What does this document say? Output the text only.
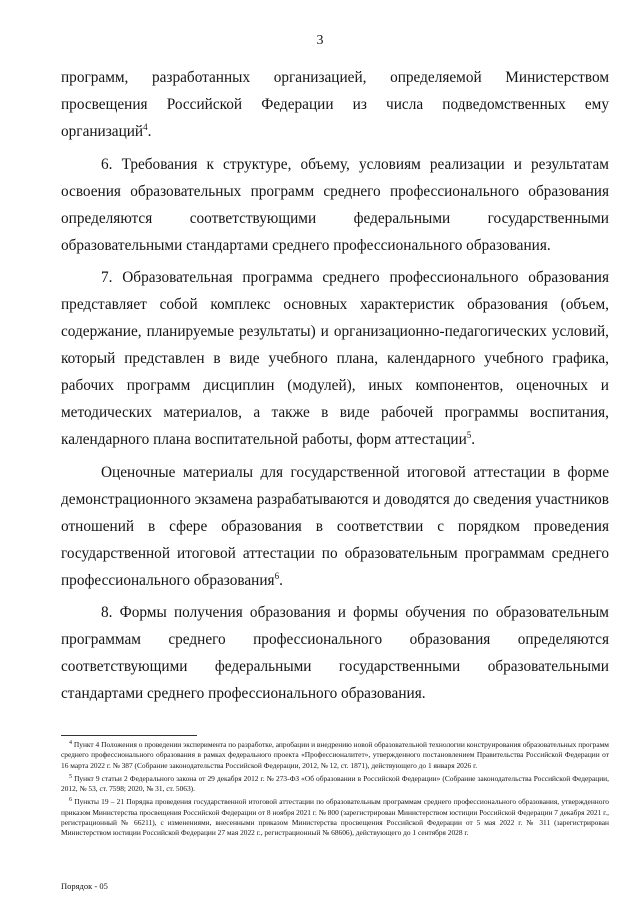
3

программ, разработанных организацией, определяемой Министерством просвещения Российской Федерации из числа подведомственных ему организаций$^4$.

6. Требования к структуре, объему, условиям реализации и результатам освоения образовательных программ среднего профессионального образования определяются соответствующими федеральными государственными образовательными стандартами среднего профессионального образования.

7. Образовательная программа среднего профессионального образования представляет собой комплекс основных характеристик образования (объем, содержание, планируемые результаты) и организационно-педагогических условий, который представлен в виде учебного плана, календарного учебного графика, рабочих программ дисциплин (модулей), иных компонентов, оценочных и методических материалов, а также в виде рабочей программы воспитания, календарного плана воспитательной работы, форм аттестации$^5$.

Оценочные материалы для государственной итоговой аттестации в форме демонстрационного экзамена разрабатываются и доводятся до сведения участников отношений в сфере образования в соответствии с порядком проведения государственной итоговой аттестации по образовательным программам среднего профессионального образования$^6$.

8. Формы получения образования и формы обучения по образовательным программам среднего профессионального образования определяются соответствующими федеральными государственными образовательными стандартами среднего профессионального образования.

$^4$ Пункт 4 Положения о проведении эксперимента по разработке, апробации и внедрению новой образовательной технологии конструирования образовательных программ среднего профессионального образования в рамках федерального проекта «Профессионалитет», утвержденного постановлением Правительства Российской Федерации от 16 марта 2022 г. № 387 (Собрание законодательства Российской Федерации, 2012, № 12, ст. 1871), действующего до 1 января 2026 г.

$^5$ Пункт 9 статьи 2 Федерального закона от 29 декабря 2012 г. № 273-ФЗ «Об образовании в Российской Федерации» (Собрание законодательства Российской Федерации, 2012, № 53, ст. 7598; 2020, № 31, ст. 5063).

$^6$ Пункты 19 – 21 Порядка проведения государственной итоговой аттестации по образовательным программам среднего профессионального образования, утвержденного приказом Министерства просвещения Российской Федерации от 8 ноября 2021 г. № 800 (зарегистрирован Министерством юстиции Российской Федерации 7 декабря 2021 г., регистрационный № 66211), с изменениями, внесенными приказом Министерства просвещения Российской Федерации от 5 мая 2022 г. № 311 (зарегистрирован Министерством юстиции Российской Федерации 27 мая 2022 г., регистрационный № 68606), действующего до 1 сентября 2028 г.

Порядок - 05
